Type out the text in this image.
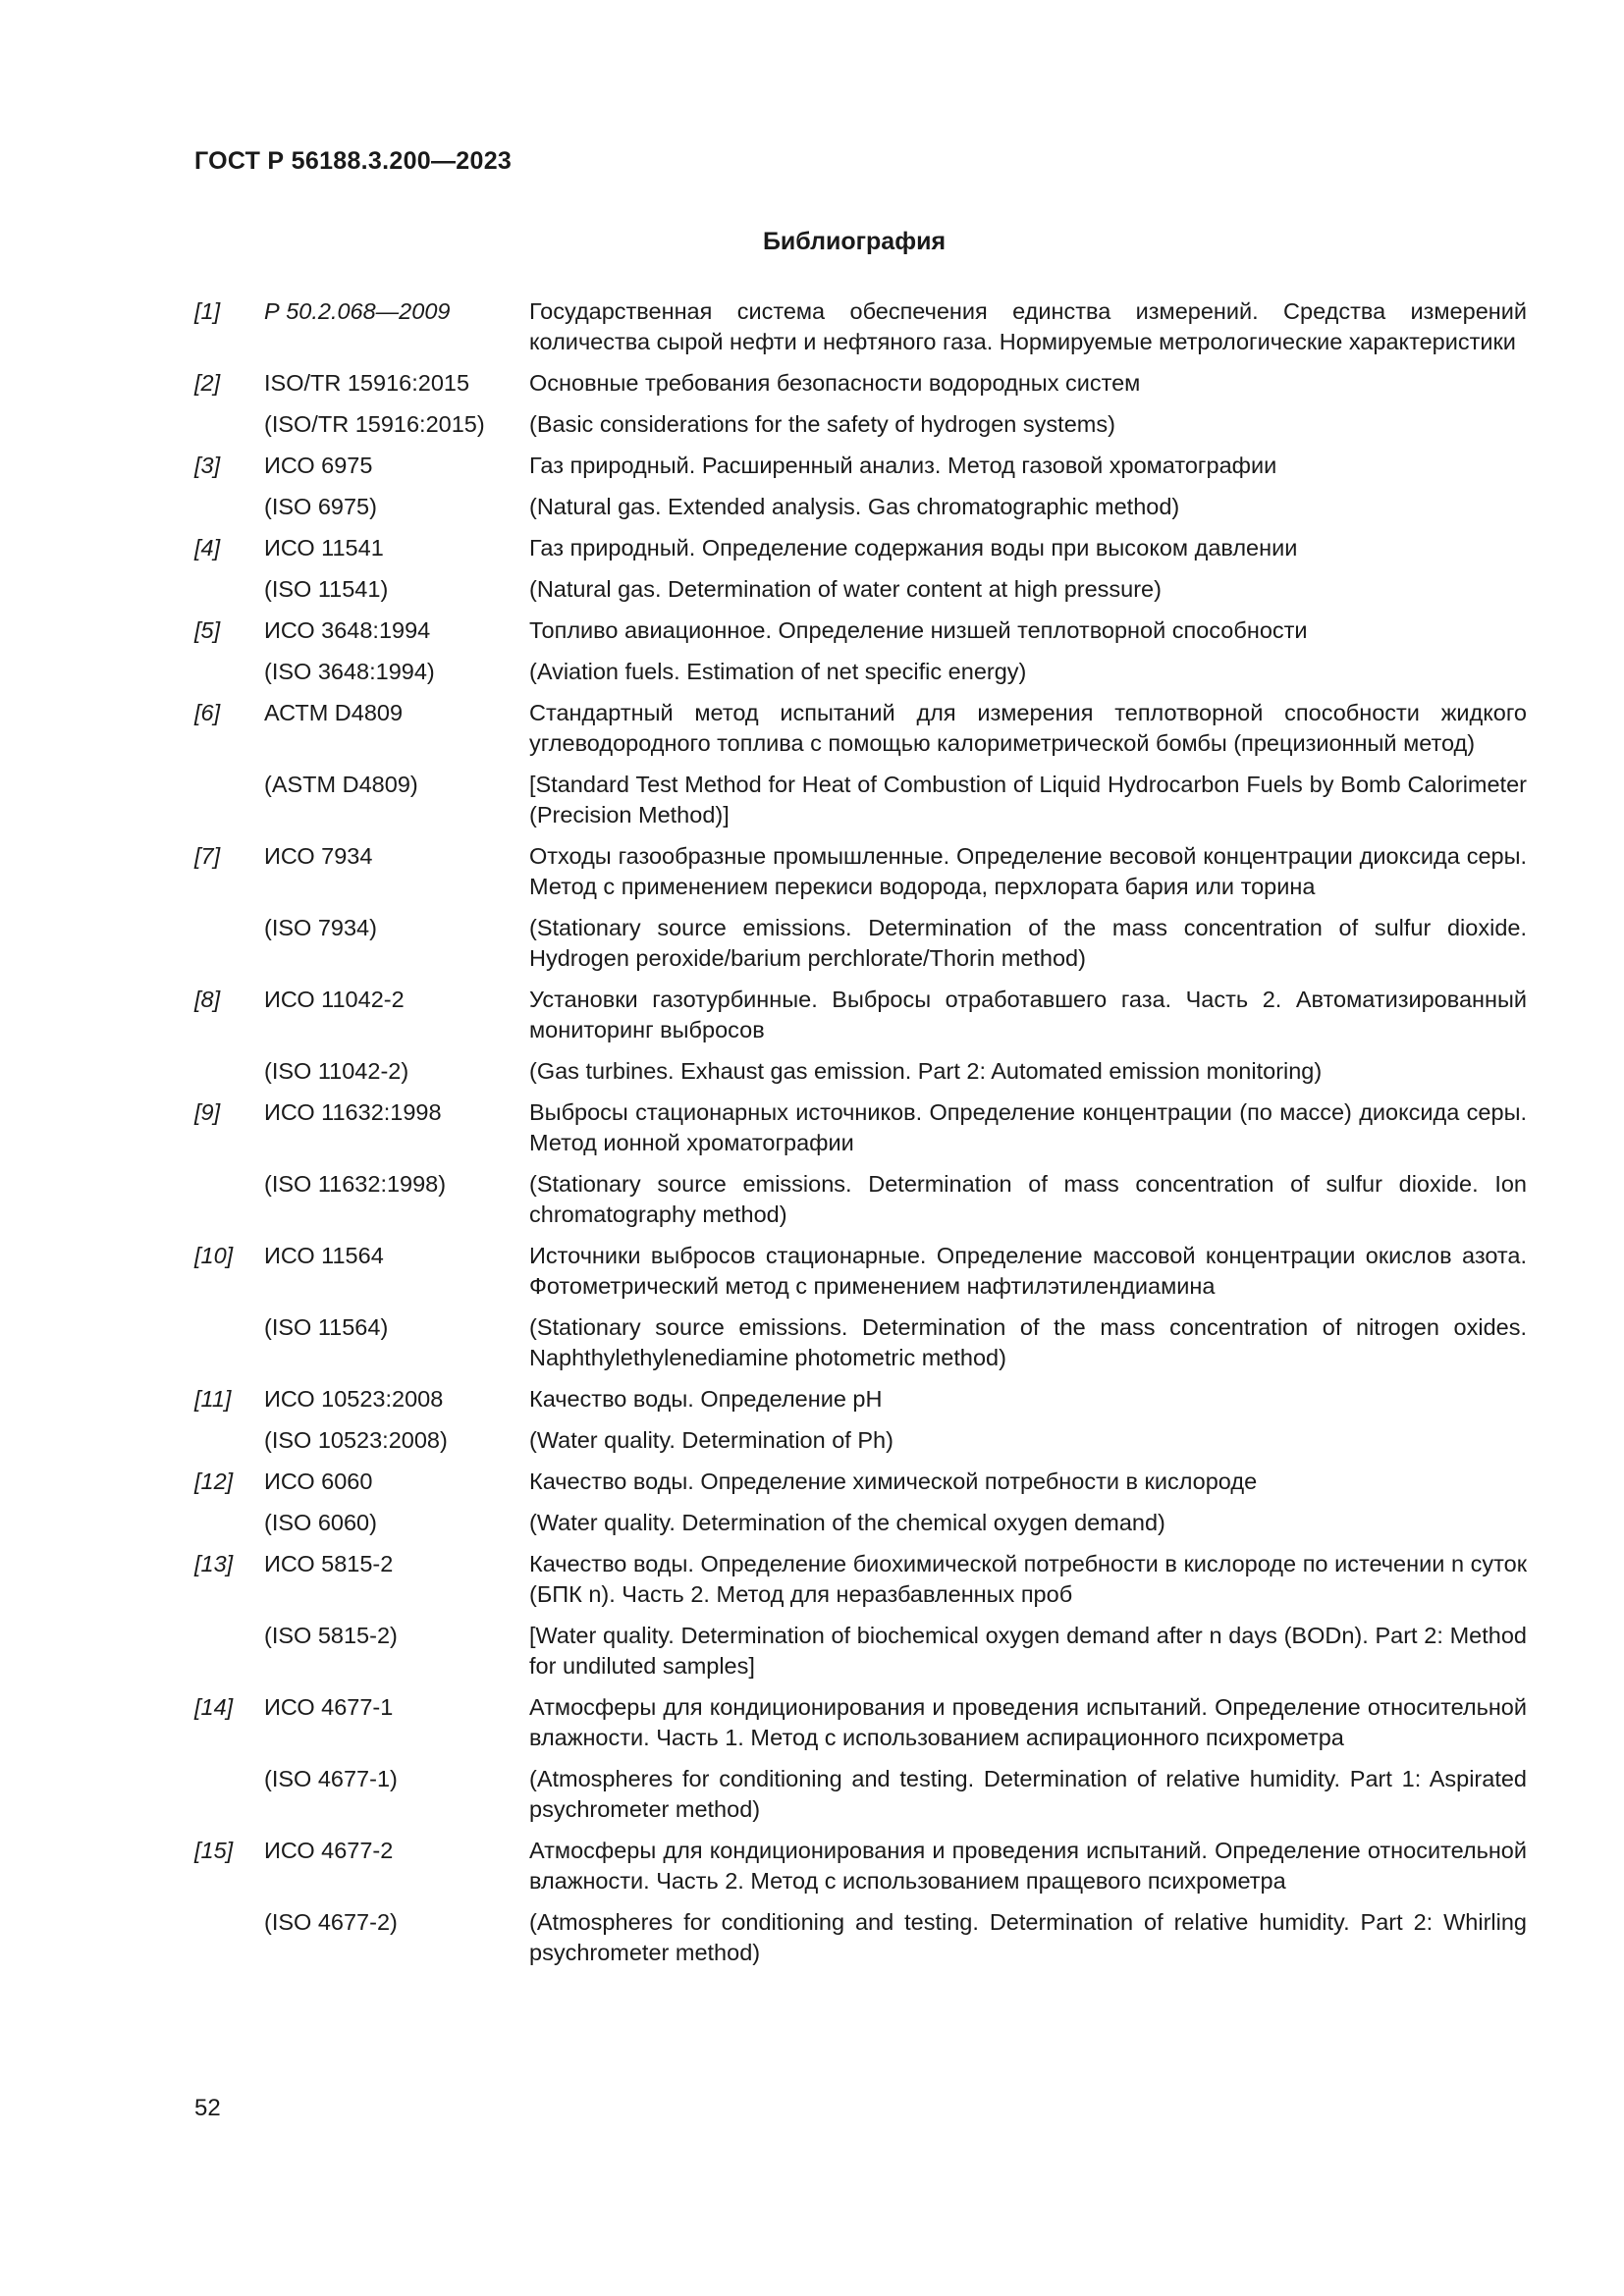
ГОСТ Р 56188.3.200—2023
Библиография
[1]	Р 50.2.068—2009	Государственная система обеспечения единства измерений. Средства измерений количества сырой нефти и нефтяного газа. Нормируемые метрологические характеристики
[2]	ISO/TR 15916:2015	Основные требования безопасности водородных систем
(ISO/TR 15916:2015)	(Basic considerations for the safety of hydrogen systems)
[3]	ИСО 6975	Газ природный. Расширенный анализ. Метод газовой хроматографии
(ISO 6975)	(Natural gas. Extended analysis. Gas chromatographic method)
[4]	ИСО 11541	Газ природный. Определение содержания воды при высоком давлении
(ISO 11541)	(Natural gas. Determination of water content at high pressure)
[5]	ИСО 3648:1994	Топливо авиационное. Определение низшей теплотворной способности
(ISO 3648:1994)	(Aviation fuels. Estimation of net specific energy)
[6]	АСТМ D4809	Стандартный метод испытаний для измерения теплотворной способности жидкого углеводородного топлива с помощью калориметрической бомбы (прецизионный метод)
(ASTM D4809)	[Standard Test Method for Heat of Combustion of Liquid Hydrocarbon Fuels by Bomb Calorimeter (Precision Method)]
[7]	ИСО 7934	Отходы газообразные промышленные. Определение весовой концентрации диоксида серы. Метод с применением перекиси водорода, перхлората бария или торина
(ISO 7934)	(Stationary source emissions. Determination of the mass concentration of sulfur dioxide. Hydrogen peroxide/barium perchlorate/Thorin method)
[8]	ИСО 11042-2	Установки газотурбинные. Выбросы отработавшего газа. Часть 2. Автоматизированный мониторинг выбросов
(ISO 11042-2)	(Gas turbines. Exhaust gas emission. Part 2: Automated emission monitoring)
[9]	ИСО 11632:1998	Выбросы стационарных источников. Определение концентрации (по массе) диоксида серы. Метод ионной хроматографии
(ISO 11632:1998)	(Stationary source emissions. Determination of mass concentration of sulfur dioxide. Ion chromatography method)
[10]	ИСО 11564	Источники выбросов стационарные. Определение массовой концентрации окислов азота. Фотометрический метод с применением нафтилэтилендиамина
(ISO 11564)	(Stationary source emissions. Determination of the mass concentration of nitrogen oxides. Naphthylethylenediamine photometric method)
[11]	ИСО 10523:2008	Качество воды. Определение pH
(ISO 10523:2008)	(Water quality. Determination of Ph)
[12]	ИСО 6060	Качество воды. Определение химической потребности в кислороде
(ISO 6060)	(Water quality. Determination of the chemical oxygen demand)
[13]	ИСО 5815-2	Качество воды. Определение биохимической потребности в кислороде по истечении n суток (БПК n). Часть 2. Метод для неразбавленных проб
(ISO 5815-2)	[Water quality. Determination of biochemical oxygen demand after n days (BODn). Part 2: Method for undiluted samples]
[14]	ИСО 4677-1	Атмосферы для кондиционирования и проведения испытаний. Определение относительной влажности. Часть 1. Метод с использованием аспирационного психрометра
(ISO 4677-1)	(Atmospheres for conditioning and testing. Determination of relative humidity. Part 1: Aspirated psychrometer method)
[15]	ИСО 4677-2	Атмосферы для кондиционирования и проведения испытаний. Определение относительной влажности. Часть 2. Метод с использованием пращевого психрометра
(ISO 4677-2)	(Atmospheres for conditioning and testing. Determination of relative humidity. Part 2: Whirling psychrometer method)
52
